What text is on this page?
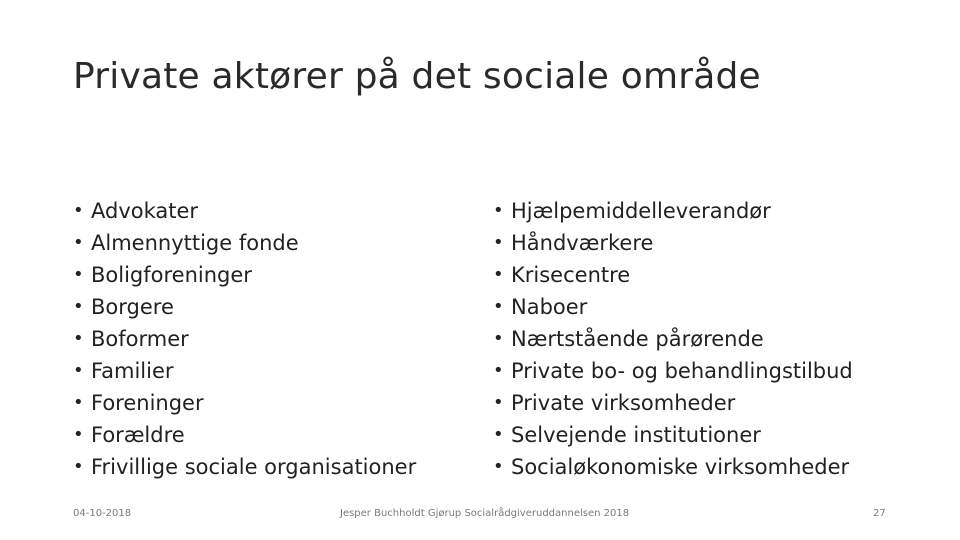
Private aktører på det sociale område
• Advokater
• Almennyttige fonde
• Boligforeninger
• Borgere
• Boformer
• Familier
• Foreninger
• Forældre
• Frivillige sociale organisationer
• Hjælpemiddelleverandør
• Håndværkere
• Krisecentre
• Naboer
• Nærtstående pårørende
• Private bo- og behandlingstilbud
• Private virksomheder
• Selvejende institutioner
• Socialøkonomiske virksomheder
04-10-2018	Jesper Buchholdt Gjørup Socialrådgiveruddannelsen 2018	27
